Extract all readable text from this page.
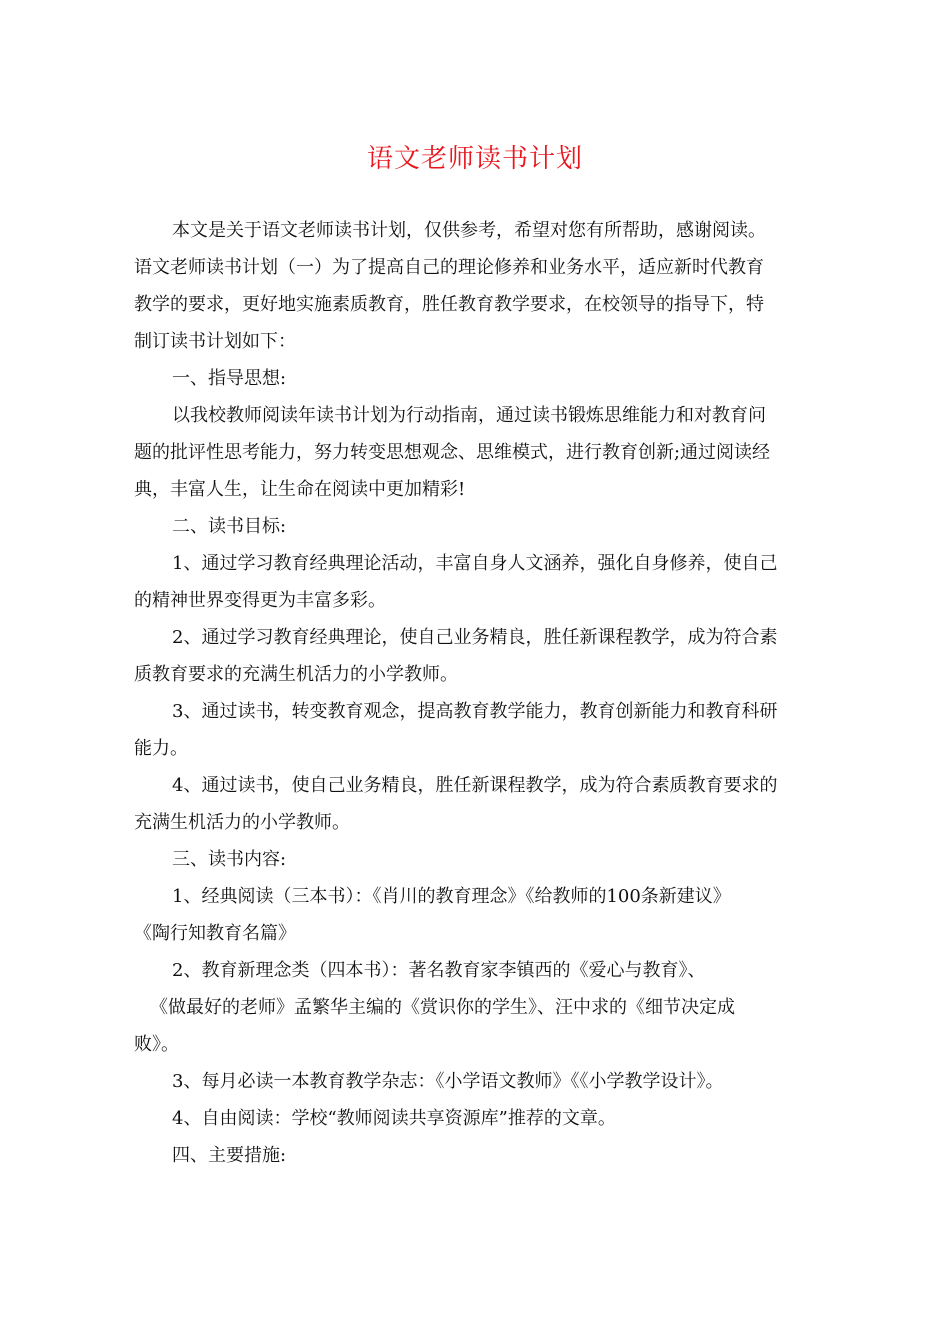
语文老师读书计划
本文是关于语文老师读书计划，仅供参考，希望对您有所帮助，感谢阅读。
语文老师读书计划（一）为了提高自己的理论修养和业务水平，适应新时代教育
教学的要求，更好地实施素质教育，胜任教育教学要求，在校领导的指导下，特
制订读书计划如下：
一、指导思想:
以我校教师阅读年读书计划为行动指南，通过读书锻炼思维能力和对教育问
题的批评性思考能力，努力转变思想观念、思维模式，进行教育创新;通过阅读经
典，丰富人生，让生命在阅读中更加精彩!
二、读书目标:
1、通过学习教育经典理论活动，丰富自身人文涵养，强化自身修养，使自己
的精神世界变得更为丰富多彩。
2、通过学习教育经典理论，使自己业务精良，胜任新课程教学，成为符合素
质教育要求的充满生机活力的小学教师。
3、通过读书，转变教育观念，提高教育教学能力，教育创新能力和教育科研
能力。
4、通过读书，使自己业务精良，胜任新课程教学，成为符合素质教育要求的
充满生机活力的小学教师。
三、读书内容:
1、经典阅读（三本书）：《肖川的教育理念》《给教师的100条新建议》
《陶行知教育名篇》
2、教育新理念类（四本书）：著名教育家李镇西的《爱心与教育》、
《做最好的老师》孟繁华主编的《赏识你的学生》、汪中求的《细节决定成
败》。
3、每月必读一本教育教学杂志：《小学语文教师》《《小学教学设计》。
4、自由阅读：学校“教师阅读共享资源库”推荐的文章。
四、主要措施:
